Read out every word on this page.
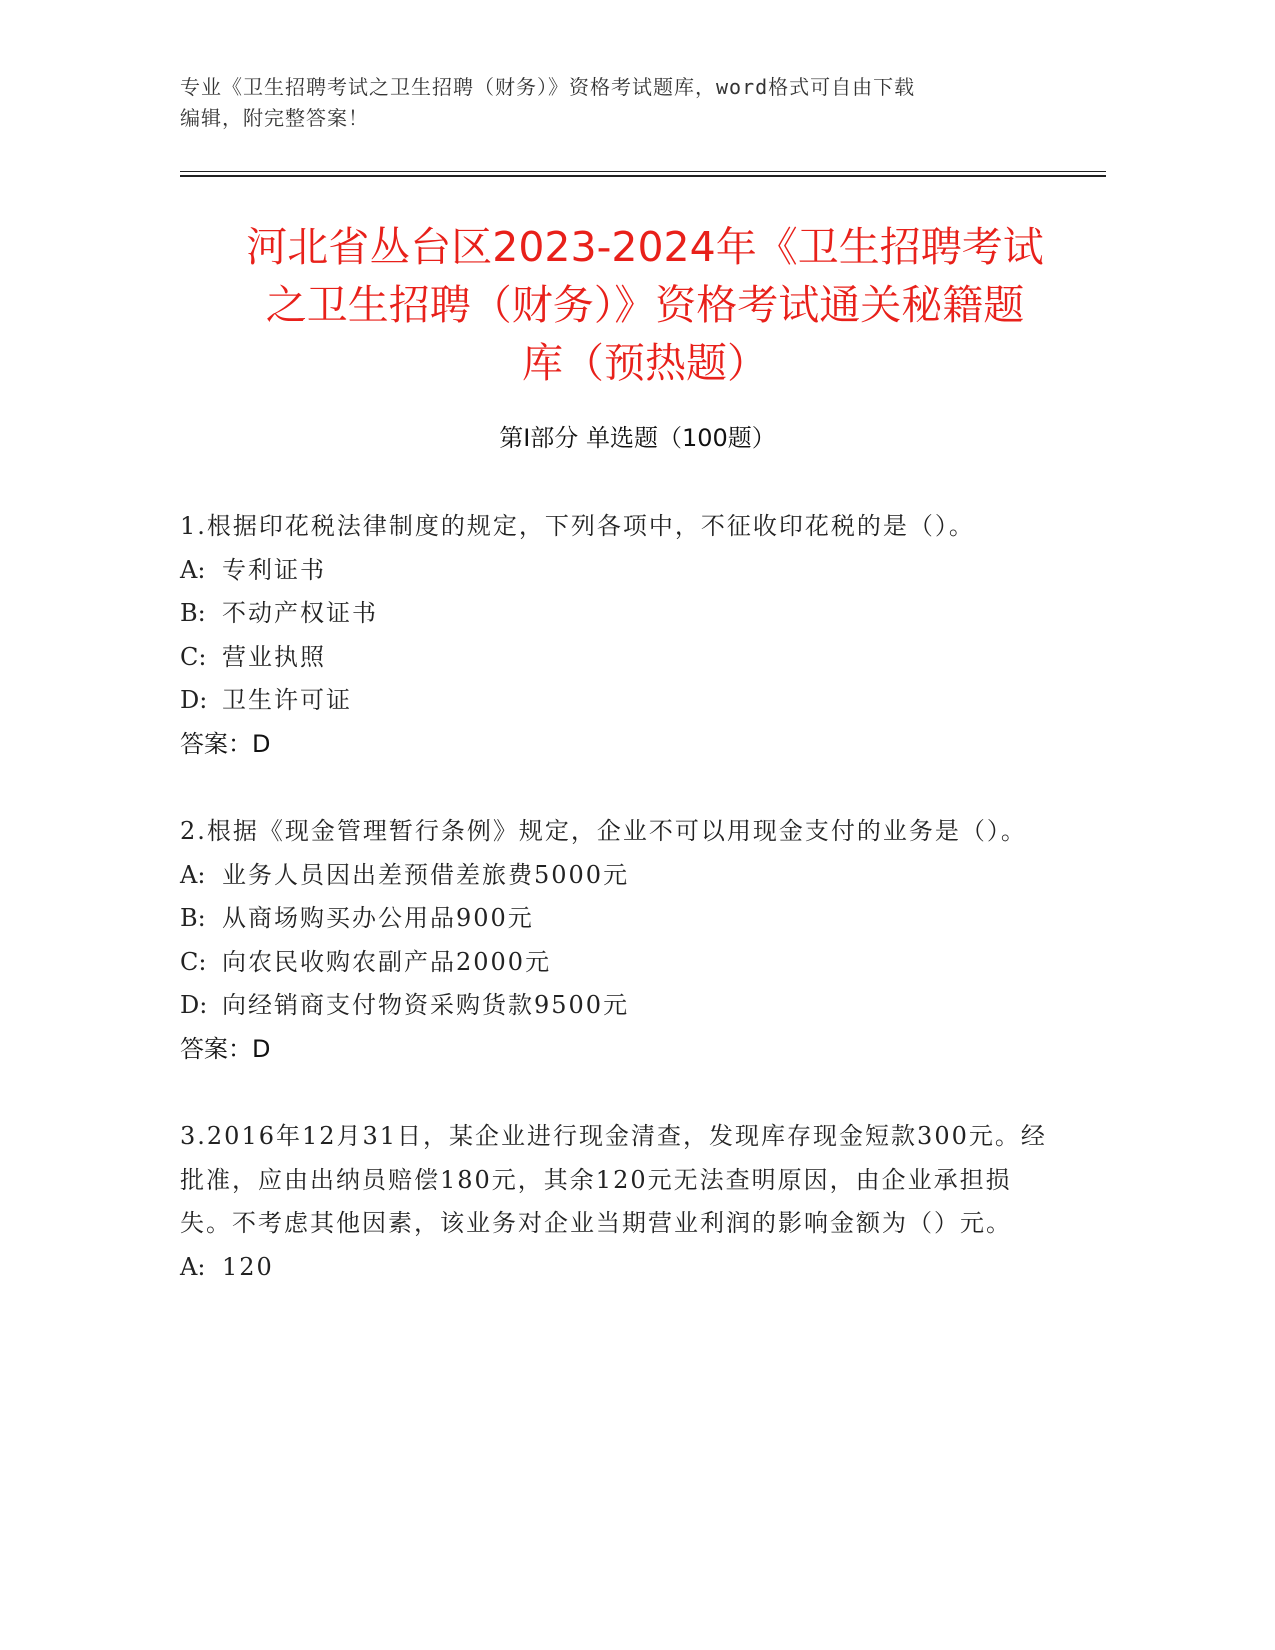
专业《卫生招聘考试之卫生招聘（财务）》资格考试题库，word格式可自由下载
编辑，附完整答案！
河北省丛台区2023-2024年《卫生招聘考试
之卫生招聘（财务）》资格考试通关秘籍题
库（预热题）
第Ⅰ部分 单选题（100题）
1.根据印花税法律制度的规定，下列各项中，不征收印花税的是（）。
A: 专利证书
B: 不动产权证书
C: 营业执照
D: 卫生许可证
答案：D
2.根据《现金管理暂行条例》规定，企业不可以用现金支付的业务是（）。
A: 业务人员因出差预借差旅费5000元
B: 从商场购买办公用品900元
C: 向农民收购农副产品2000元
D: 向经销商支付物资采购货款9500元
答案：D
3.2016年12月31日，某企业进行现金清查，发现库存现金短款300元。经批准，应由出纳员赔偿180元，其余120元无法查明原因，由企业承担损失。不考虑其他因素，该业务对企业当期营业利润的影响金额为（）元。
A: 120
